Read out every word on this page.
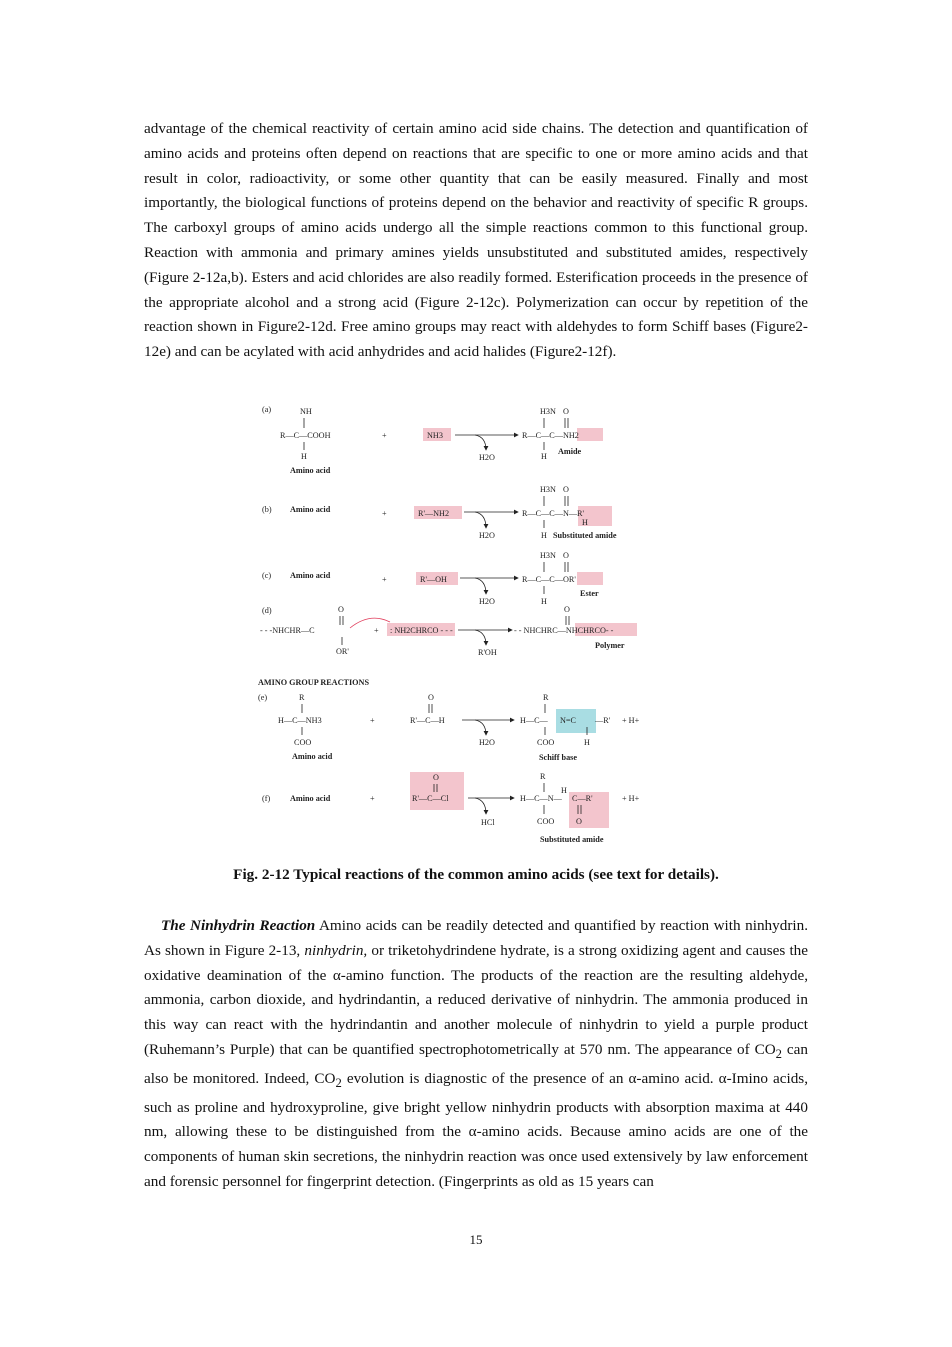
advantage of the chemical reactivity of certain amino acid side chains. The detection and quantification of amino acids and proteins often depend on reactions that are specific to one or more amino acids and that result in color, radioactivity, or some other quantity that can be easily measured. Finally and most importantly, the biological functions of proteins depend on the behavior and reactivity of specific R groups. The carboxyl groups of amino acids undergo all the simple reactions common to this functional group. Reaction with ammonia and primary amines yields unsubstituted and substituted amides, respectively (Figure 2-12a,b). Esters and acid chlorides are also readily formed. Esterification proceeds in the presence of the appropriate alcohol and a strong acid (Figure 2-12c). Polymerization can occur by repetition of the reaction shown in Figure2-12d. Free amino groups may react with aldehydes to form Schiff bases (Figure2-12e) and can be acylated with acid anhydrides and acid halides (Figure2-12f).

(a)	NH
R—C—COOH
H
Amino acid
+	NH3
H2O
H3N O
R—C—C—NH2
H
Amide
H3N O
(b) Amino acid	+	R'—NH2
H2O
R—C—C—N—R'
H
H Substituted amide
H3N O
(c) Amino acid	+	R'—OH
H2O
R—C—C—OR'
H
Ester
(d)	O
- - -NHCHR—C
OR'
+ : NH2CHRCO - - -
R'OH
O
- - NHCHRC—NHCHRCO- -
Polymer
AMINO GROUP REACTIONS
(e)	R
H—C—NH3
COO
Amino acid
+
O
R'—C—H
H2O
R
H—C— N=C —R'
COO	H
+ H+
Schiff base
R
H
(f) Amino acid	+
O
R'—C—Cl
HCl
H—C—N— C—R'
COO	O
+ H+
Substituted amide

Fig. 2-12 Typical reactions of the common amino acids (see text for details).

The Ninhydrin Reaction Amino acids can be readily detected and quantified by reaction with ninhydrin. As shown in Figure 2-13, ninhydrin, or triketohydrindene hydrate, is a strong oxidizing agent and causes the oxidative deamination of the α-amino function. The products of the reaction are the resulting aldehyde, ammonia, carbon dioxide, and hydrindantin, a reduced derivative of ninhydrin. The ammonia produced in this way can react with the hydrindantin and another molecule of ninhydrin to yield a purple product (Ruhemann’s Purple) that can be quantified spectrophotometrically at 570 nm. The appearance of $CO_2$ can also be monitored. Indeed, $CO_2$ evolution is diagnostic of the presence of an α-amino acid. α-Imino acids, such as proline and hydroxyproline, give bright yellow ninhydrin products with absorption maxima at 440 nm, allowing these to be distinguished from the α-amino acids. Because amino acids are one of the components of human skin secretions, the ninhydrin reaction was once used extensively by law enforcement and forensic personnel for fingerprint detection. (Fingerprints as old as 15 years can

15
